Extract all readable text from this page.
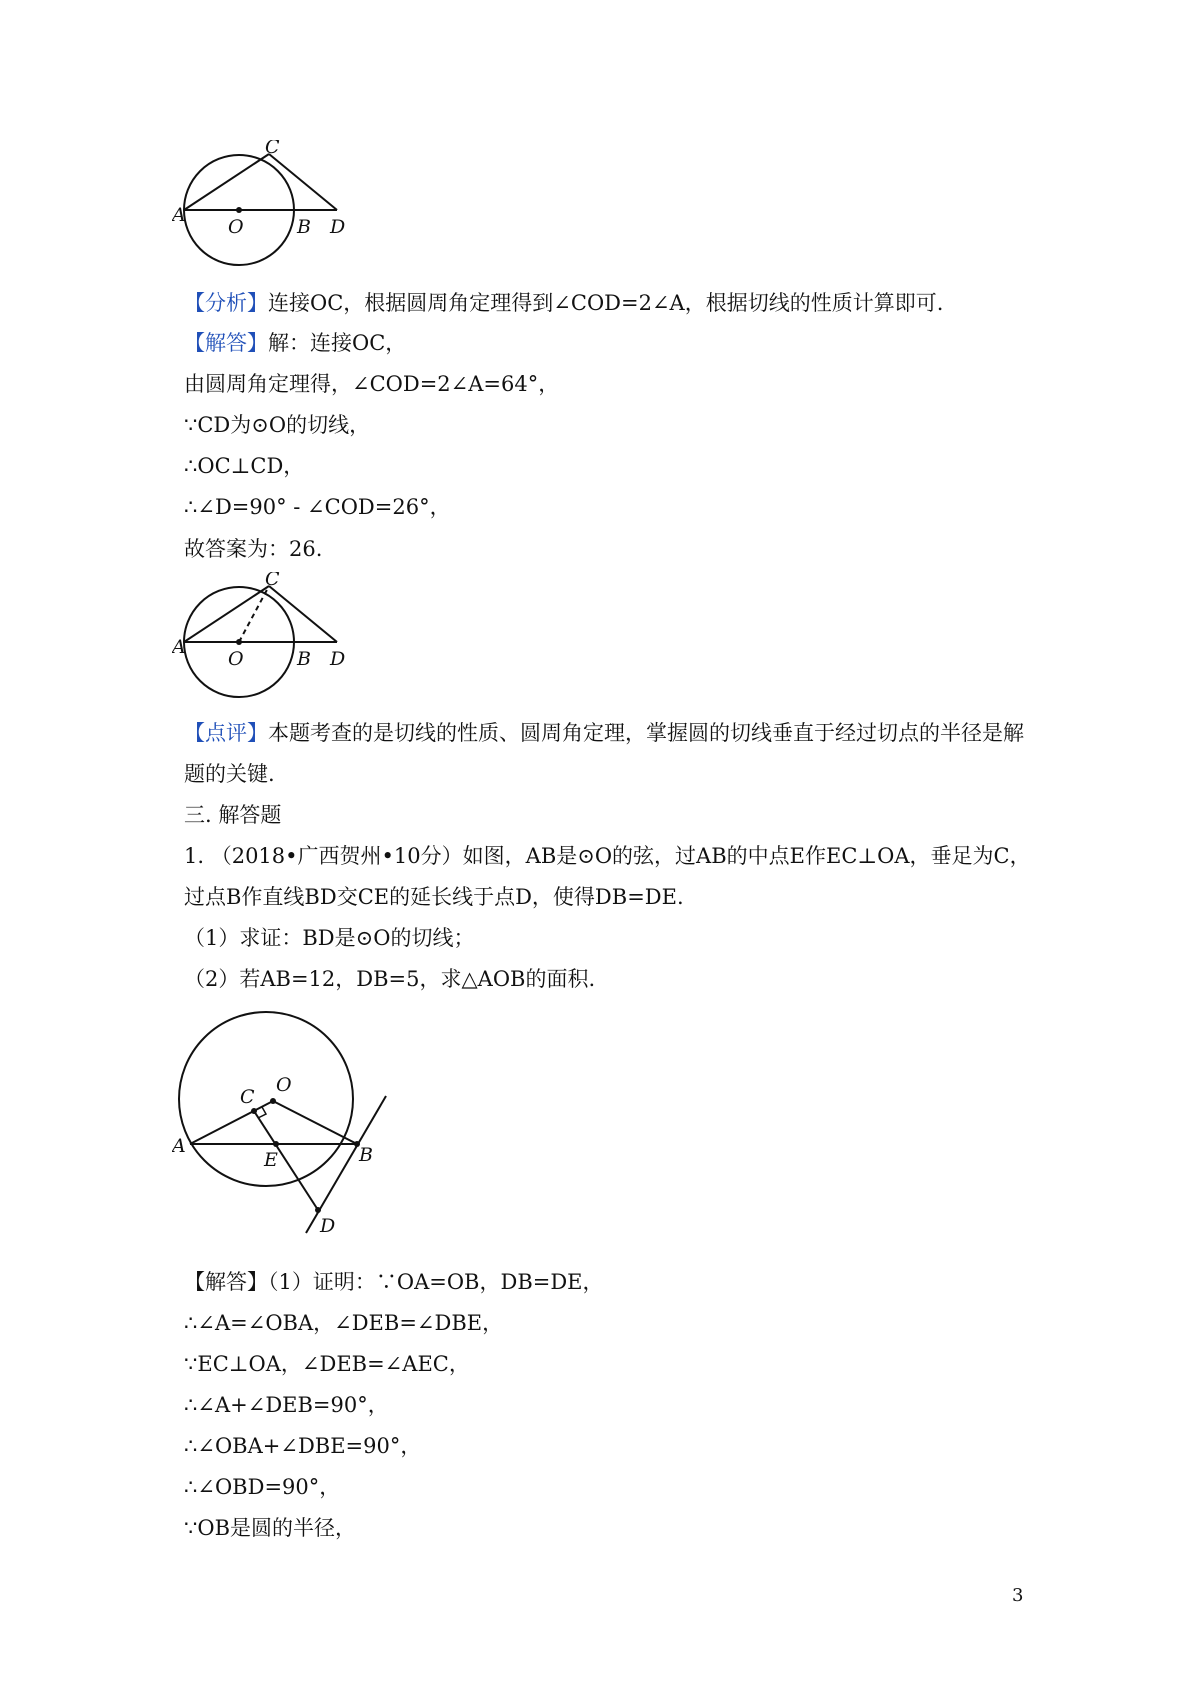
A
O	B
C
D
【分析】连接OC，根据圆周角定理得到∠COD=2∠A，根据切线的性质计算即可.
【解答】解：连接OC，
由圆周角定理得，∠COD=2∠A=64°，
∵CD为⊙O的切线，
∴OC⊥CD，
∴∠D=90° - ∠COD=26°，
故答案为：26.
A
O	B
C
D
【点评】本题考查的是切线的性质、圆周角定理，掌握圆的切线垂直于经过切点的半径是解
题的关键.
三. 解答题
1. （2018•广西贺州•10分）如图，AB是⊙O的弦，过AB的中点E作EC⊥OA，垂足为C，
过点B作直线BD交CE的延长线于点D，使得DB=DE.
（1）求证：BD是⊙O的切线；
（2）若AB=12，DB=5，求△AOB的面积.
A
O
B
C
E
D
【解答】（1）证明：∵OA=OB，DB=DE，
∴∠A=∠OBA，∠DEB=∠DBE，
∵EC⊥OA，∠DEB=∠AEC，
∴∠A+∠DEB=90°，
∴∠OBA+∠DBE=90°，
∴∠OBD=90°，
∵OB是圆的半径，
3
